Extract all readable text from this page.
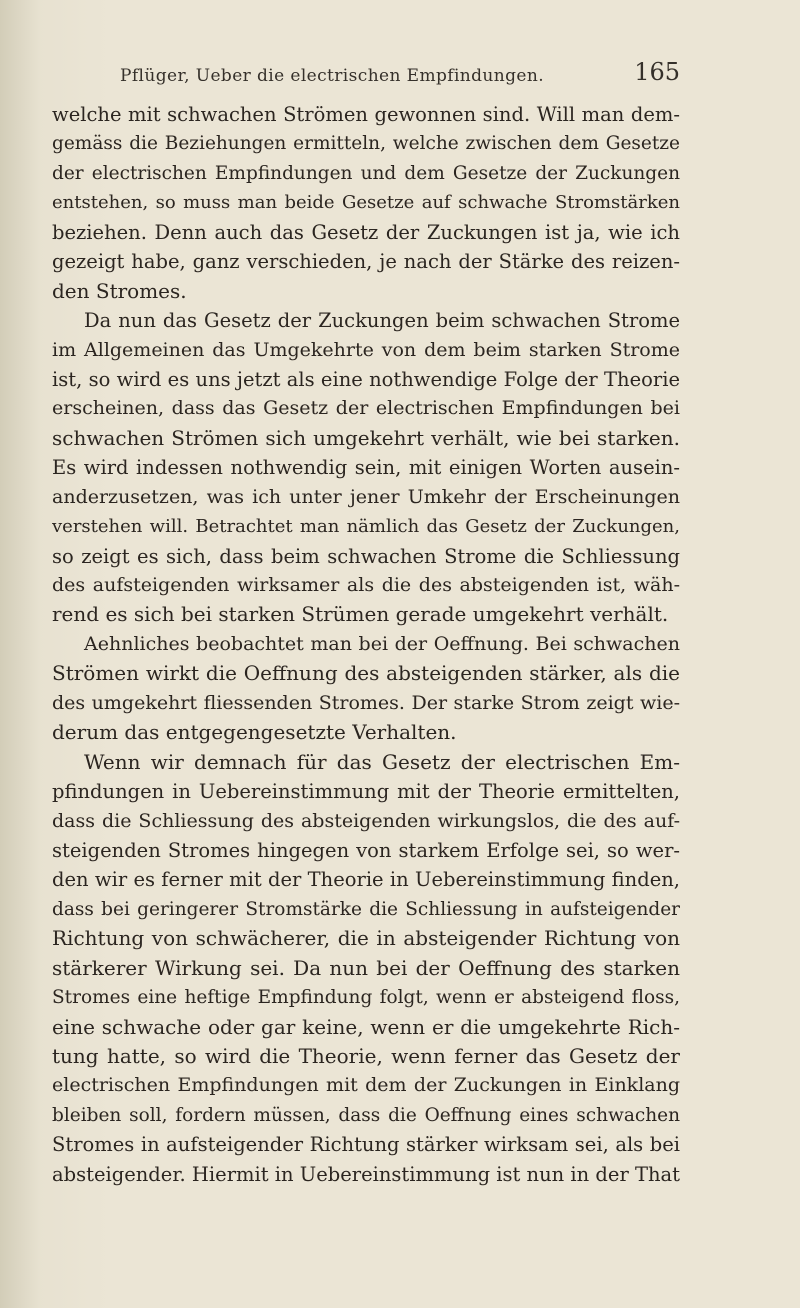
Pflüger, Ueber die electrischen Empfindungen.	165
welche mit schwachen Strömen gewonnen sind. Will man dem-
gemäss die Beziehungen ermitteln, welche zwischen dem Gesetze
der electrischen Empfindungen und dem Gesetze der Zuckungen
entstehen, so muss man beide Gesetze auf schwache Stromstärken
beziehen. Denn auch das Gesetz der Zuckungen ist ja, wie ich
gezeigt habe, ganz verschieden, je nach der Stärke des reizen-
den Stromes.
Da nun das Gesetz der Zuckungen beim schwachen Strome
im Allgemeinen das Umgekehrte von dem beim starken Strome
ist, so wird es uns jetzt als eine nothwendige Folge der Theorie
erscheinen, dass das Gesetz der electrischen Empfindungen bei
schwachen Strömen sich umgekehrt verhält, wie bei starken.
Es wird indessen nothwendig sein, mit einigen Worten ausein-
anderzusetzen, was ich unter jener Umkehr der Erscheinungen
verstehen will. Betrachtet man nämlich das Gesetz der Zuckungen,
so zeigt es sich, dass beim schwachen Strome die Schliessung
des aufsteigenden wirksamer als die des absteigenden ist, wäh-
rend es sich bei starken Strümen gerade umgekehrt verhält.
Aehnliches beobachtet man bei der Oeffnung. Bei schwachen
Strömen wirkt die Oeffnung des absteigenden stärker, als die
des umgekehrt fliessenden Stromes. Der starke Strom zeigt wie-
derum das entgegengesetzte Verhalten.
Wenn wir demnach für das Gesetz der electrischen Em-
pfindungen in Uebereinstimmung mit der Theorie ermittelten,
dass die Schliessung des absteigenden wirkungslos, die des auf-
steigenden Stromes hingegen von starkem Erfolge sei, so wer-
den wir es ferner mit der Theorie in Uebereinstimmung finden,
dass bei geringerer Stromstärke die Schliessung in aufsteigender
Richtung von schwächerer, die in absteigender Richtung von
stärkerer Wirkung sei. Da nun bei der Oeffnung des starken
Stromes eine heftige Empfindung folgt, wenn er absteigend floss,
eine schwache oder gar keine, wenn er die umgekehrte Rich-
tung hatte, so wird die Theorie, wenn ferner das Gesetz der
electrischen Empfindungen mit dem der Zuckungen in Einklang
bleiben soll, fordern müssen, dass die Oeffnung eines schwachen
Stromes in aufsteigender Richtung stärker wirksam sei, als bei
absteigender. Hiermit in Uebereinstimmung ist nun in der That
